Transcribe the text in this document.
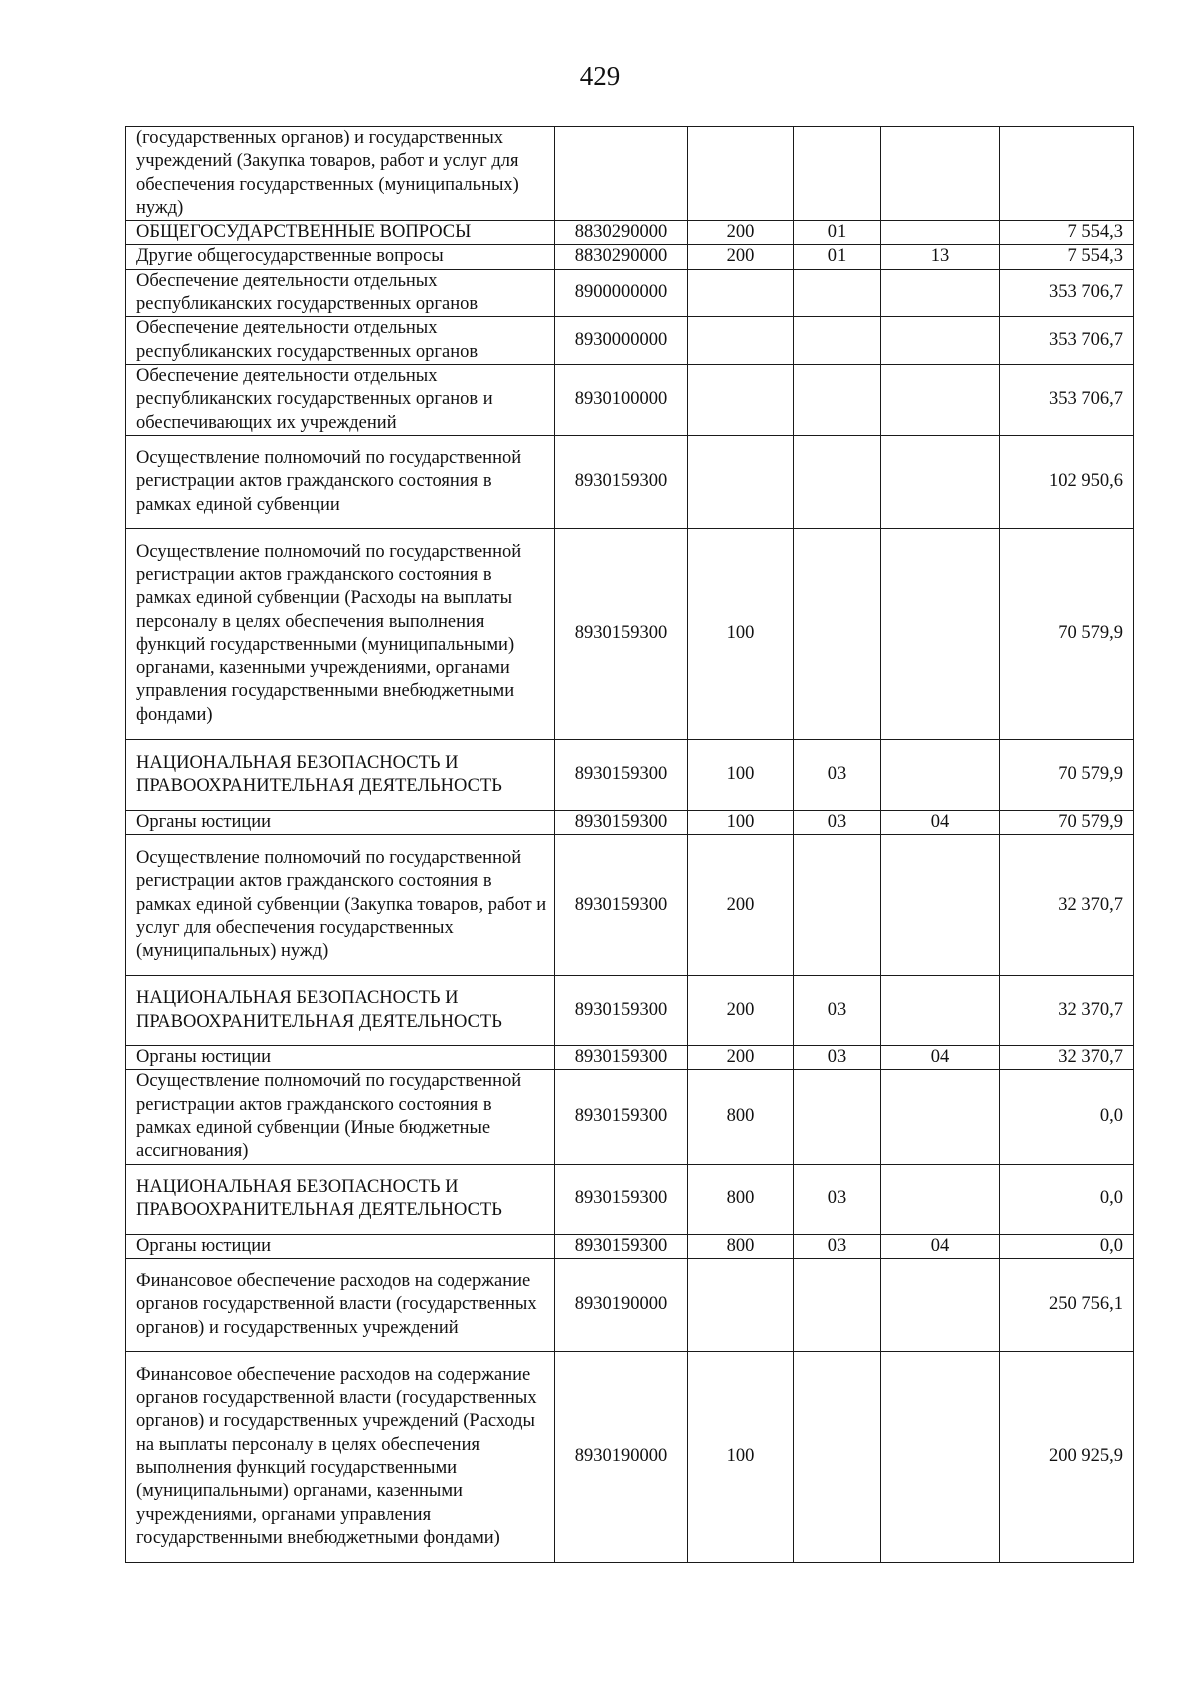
429
(государственных органов) и государственных учреждений (Закупка товаров, работ и услуг для обеспечения государственных (муниципальных) нужд)					
ОБЩЕГОСУДАРСТВЕННЫЕ ВОПРОСЫ	8830290000	200	01		7 554,3
Другие общегосударственные вопросы	8830290000	200	01	13	7 554,3
Обеспечение деятельности отдельных республиканских государственных органов	8900000000				353 706,7
Обеспечение деятельности отдельных республиканских государственных органов	8930000000				353 706,7
Обеспечение деятельности отдельных республиканских государственных органов и обеспечивающих их учреждений	8930100000				353 706,7
Осуществление полномочий по государственной регистрации актов гражданского состояния в рамках единой субвенции	8930159300				102 950,6
Осуществление полномочий по государственной регистрации актов гражданского состояния в рамках единой субвенции (Расходы на выплаты персоналу в целях обеспечения выполнения функций государственными (муниципальными) органами, казенными учреждениями, органами управления государственными внебюджетными фондами)	8930159300	100			70 579,9
НАЦИОНАЛЬНАЯ БЕЗОПАСНОСТЬ И ПРАВООХРАНИТЕЛЬНАЯ ДЕЯТЕЛЬНОСТЬ	8930159300	100	03		70 579,9
Органы юстиции	8930159300	100	03	04	70 579,9
Осуществление полномочий по государственной регистрации актов гражданского состояния в рамках единой субвенции (Закупка товаров, работ и услуг для обеспечения государственных (муниципальных) нужд)	8930159300	200			32 370,7
НАЦИОНАЛЬНАЯ БЕЗОПАСНОСТЬ И ПРАВООХРАНИТЕЛЬНАЯ ДЕЯТЕЛЬНОСТЬ	8930159300	200	03		32 370,7
Органы юстиции	8930159300	200	03	04	32 370,7
Осуществление полномочий по государственной регистрации актов гражданского состояния в рамках единой субвенции (Иные бюджетные ассигнования)	8930159300	800			0,0
НАЦИОНАЛЬНАЯ БЕЗОПАСНОСТЬ И ПРАВООХРАНИТЕЛЬНАЯ ДЕЯТЕЛЬНОСТЬ	8930159300	800	03		0,0
Органы юстиции	8930159300	800	03	04	0,0
Финансовое обеспечение расходов на содержание органов государственной власти (государственных органов) и государственных учреждений	8930190000				250 756,1
Финансовое обеспечение расходов на содержание органов государственной власти (государственных органов) и государственных учреждений (Расходы на выплаты персоналу в целях обеспечения выполнения функций государственными (муниципальными) органами, казенными учреждениями, органами управления государственными внебюджетными фондами)	8930190000	100			200 925,9
